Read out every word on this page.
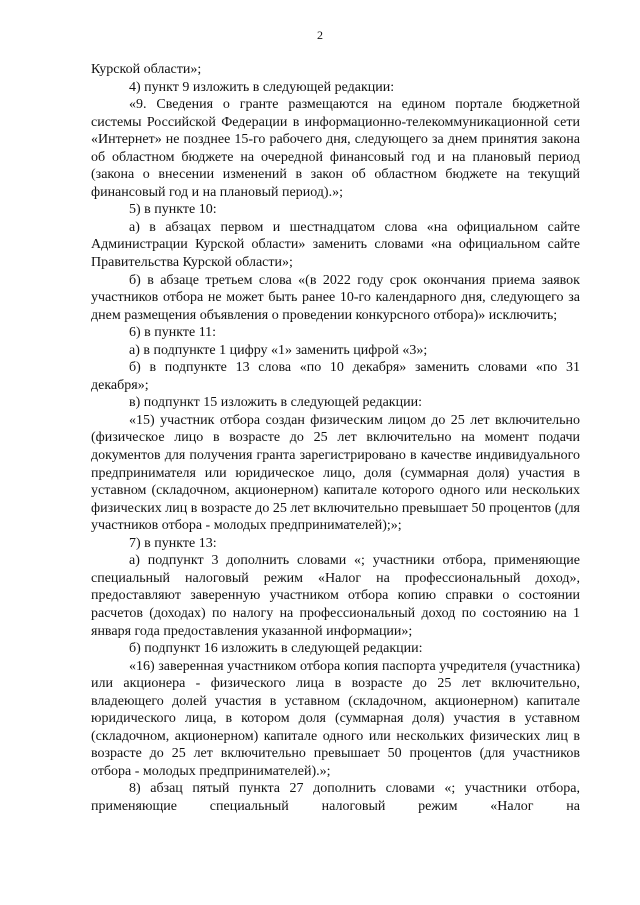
2

Курской области»;

4) пункт 9 изложить в следующей редакции:

«9. Сведения о гранте размещаются на едином портале бюджетной системы Российской Федерации в информационно-телекоммуникационной сети «Интернет» не позднее 15-го рабочего дня, следующего за днем принятия закона об областном бюджете на очередной финансовый год и на плановый период (закона о внесении изменений в закон об областном бюджете на текущий финансовый год и на плановый период).»;

5) в пункте 10:

а) в абзацах первом и шестнадцатом слова «на официальном сайте Администрации Курской области» заменить словами «на официальном сайте Правительства Курской области»;

б) в абзаце третьем слова «(в 2022 году срок окончания приема заявок участников отбора не может быть ранее 10-го календарного дня, следующего за днем размещения объявления о проведении конкурсного отбора)» исключить;

6) в пункте 11:

а) в подпункте 1 цифру «1» заменить цифрой «3»;

б) в подпункте 13 слова «по 10 декабря» заменить словами «по 31 декабря»;

в) подпункт 15 изложить в следующей редакции:

«15) участник отбора создан физическим лицом до 25 лет включительно (физическое лицо в возрасте до 25 лет включительно на момент подачи документов для получения гранта зарегистрировано в качестве индивидуального предпринимателя или юридическое лицо, доля (суммарная доля) участия в уставном (складочном, акционерном) капитале которого одного или нескольких физических лиц в возрасте до 25 лет включительно превышает 50 процентов (для участников отбора - молодых предпринимателей);»;

7) в пункте 13:

а) подпункт 3 дополнить словами «; участники отбора, применяющие специальный налоговый режим «Налог на профессиональный доход», предоставляют заверенную участником отбора копию справки о состоянии расчетов (доходах) по налогу на профессиональный доход по состоянию на 1 января года предоставления указанной информации»;

б) подпункт 16 изложить в следующей редакции:

«16) заверенная участником отбора копия паспорта учредителя (участника) или акционера - физического лица в возрасте до 25 лет включительно, владеющего долей участия в уставном (складочном, акционерном) капитале юридического лица, в котором доля (суммарная доля) участия в уставном (складочном, акционерном) капитале одного или нескольких физических лиц в возрасте до 25 лет включительно превышает 50 процентов (для участников отбора - молодых предпринимателей).»;

8) абзац пятый пункта 27 дополнить словами «; участники отбора, применяющие специальный налоговый режим «Налог на
